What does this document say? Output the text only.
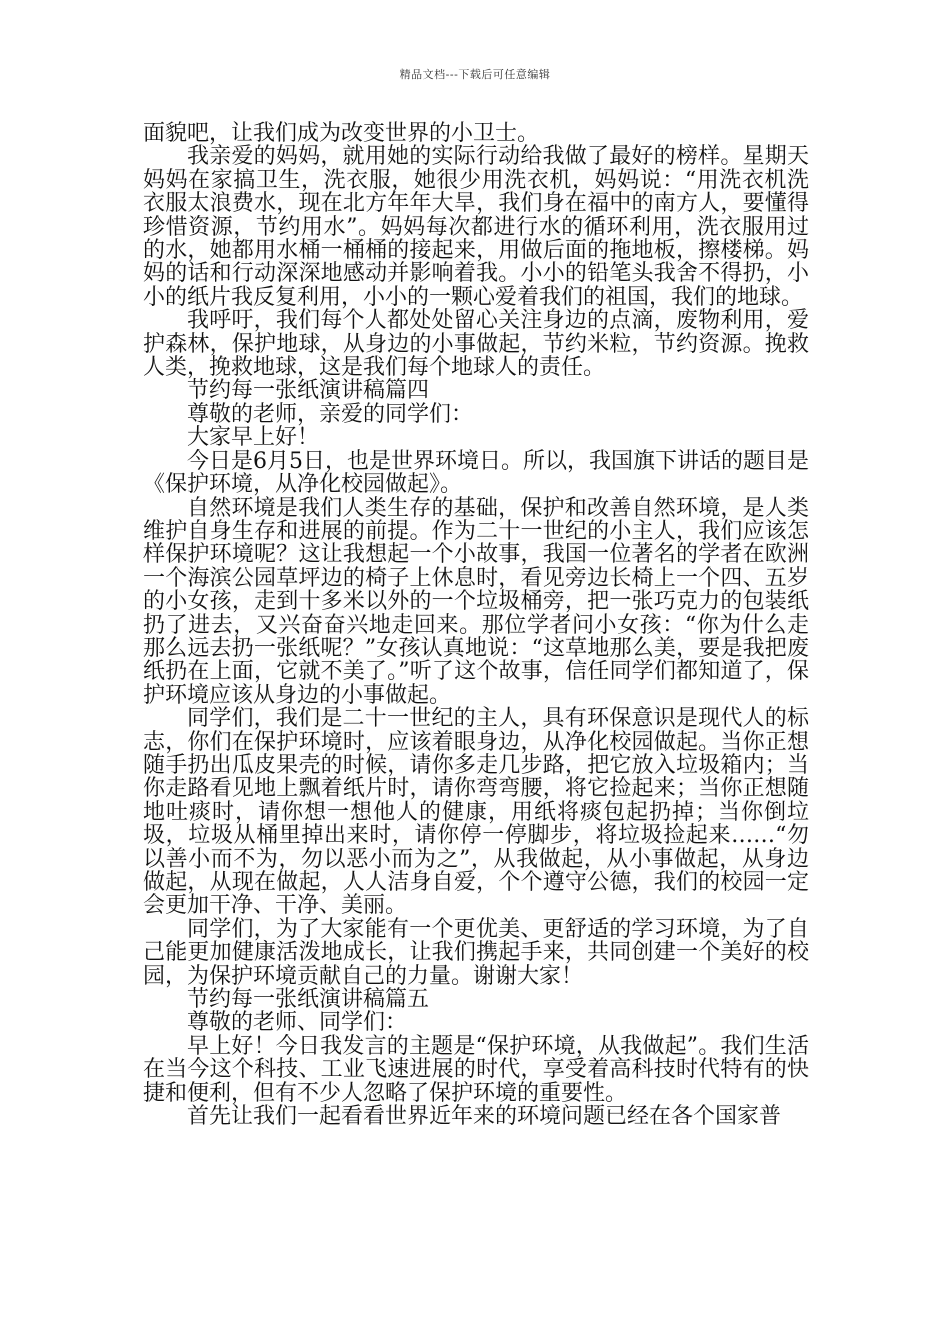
精品文档---下载后可任意编辑

面貌吧，让我们成为改变世界的小卫士。

我亲爱的妈妈，就用她的实际行动给我做了最好的榜样。星期天妈妈在家搞卫生，洗衣服，她很少用洗衣机，妈妈说：“用洗衣机洗衣服太浪费水，现在北方年年大旱，我们身在福中的南方人，要懂得珍惜资源，节约用水”。妈妈每次都进行水的循环利用，洗衣服用过的水，她都用水桶一桶桶的接起来，用做后面的拖地板，擦楼梯。妈妈的话和行动深深地感动并影响着我。小小的铅笔头我舍不得扔，小小的纸片我反复利用，小小的一颗心爱着我们的祖国，我们的地球。

我呼吁，我们每个人都处处留心关注身边的点滴，废物利用，爱护森林，保护地球，从身边的小事做起，节约米粒，节约资源。挽救人类，挽救地球，这是我们每个地球人的责任。

节约每一张纸演讲稿篇四

尊敬的老师，亲爱的同学们：

大家早上好！

今日是6月5日，也是世界环境日。所以，我国旗下讲话的题目是《保护环境，从净化校园做起》。

自然环境是我们人类生存的基础，保护和改善自然环境，是人类维护自身生存和进展的前提。作为二十一世纪的小主人，我们应该怎样保护环境呢？这让我想起一个小故事，我国一位著名的学者在欧洲一个海滨公园草坪边的椅子上休息时，看见旁边长椅上一个四、五岁的小女孩，走到十多米以外的一个垃圾桶旁，把一张巧克力的包装纸扔了进去，又兴奋奋兴地走回来。那位学者问小女孩：“你为什么走那么远去扔一张纸呢？”女孩认真地说：“这草地那么美，要是我把废纸扔在上面，它就不美了。”听了这个故事，信任同学们都知道了，保护环境应该从身边的小事做起。

同学们，我们是二十一世纪的主人，具有环保意识是现代人的标志，你们在保护环境时，应该着眼身边，从净化校园做起。当你正想随手扔出瓜皮果壳的时候，请你多走几步路，把它放入垃圾箱内；当你走路看见地上飘着纸片时，请你弯弯腰，将它捡起来；当你正想随地吐痰时，请你想一想他人的健康，用纸将痰包起扔掉；当你倒垃圾，垃圾从桶里掉出来时，请你停一停脚步，将垃圾捡起来……“勿以善小而不为，勿以恶小而为之”，从我做起，从小事做起，从身边做起，从现在做起，人人洁身自爱，个个遵守公德，我们的校园一定会更加干净、干净、美丽。

同学们，为了大家能有一个更优美、更舒适的学习环境，为了自己能更加健康活泼地成长，让我们携起手来，共同创建一个美好的校园，为保护环境贡献自己的力量。谢谢大家！

节约每一张纸演讲稿篇五

尊敬的老师、同学们：

早上好！今日我发言的主题是“保护环境，从我做起”。我们生活在当今这个科技、工业飞速进展的时代，享受着高科技时代特有的快捷和便利，但有不少人忽略了保护环境的重要性。

首先让我们一起看看世界近年来的环境问题已经在各个国家普
